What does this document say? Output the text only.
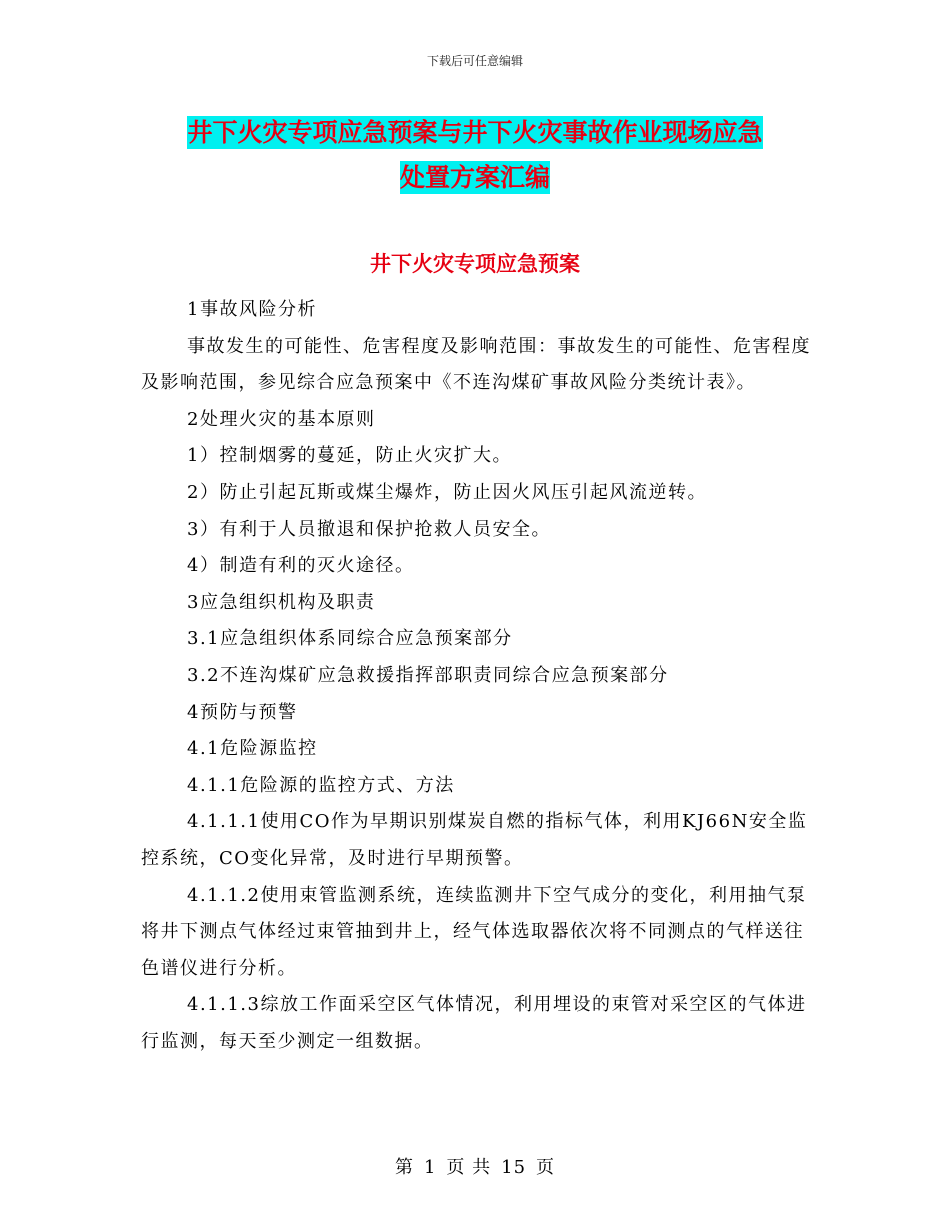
下载后可任意编辑
井下火灾专项应急预案与井下火灾事故作业现场应急
处置方案汇编
井下火灾专项应急预案

1事故风险分析

事故发生的可能性、危害程度及影响范围：事故发生的可能性、危害程度及影响范围，参见综合应急预案中《不连沟煤矿事故风险分类统计表》。

2处理火灾的基本原则

1）控制烟雾的蔓延，防止火灾扩大。

2）防止引起瓦斯或煤尘爆炸，防止因火风压引起风流逆转。

3）有利于人员撤退和保护抢救人员安全。

4）制造有利的灭火途径。

3应急组织机构及职责

3.1应急组织体系同综合应急预案部分

3.2不连沟煤矿应急救援指挥部职责同综合应急预案部分

4预防与预警

4.1危险源监控

4.1.1危险源的监控方式、方法

4.1.1.1使用CO作为早期识别煤炭自燃的指标气体，利用KJ66N安全监控系统，CO变化异常，及时进行早期预警。

4.1.1.2使用束管监测系统，连续监测井下空气成分的变化，利用抽气泵将井下测点气体经过束管抽到井上，经气体选取器依次将不同测点的气样送往色谱仪进行分析。

4.1.1.3综放工作面采空区气体情况，利用埋设的束管对采空区的气体进行监测，每天至少测定一组数据。

第 1 页 共 15 页
